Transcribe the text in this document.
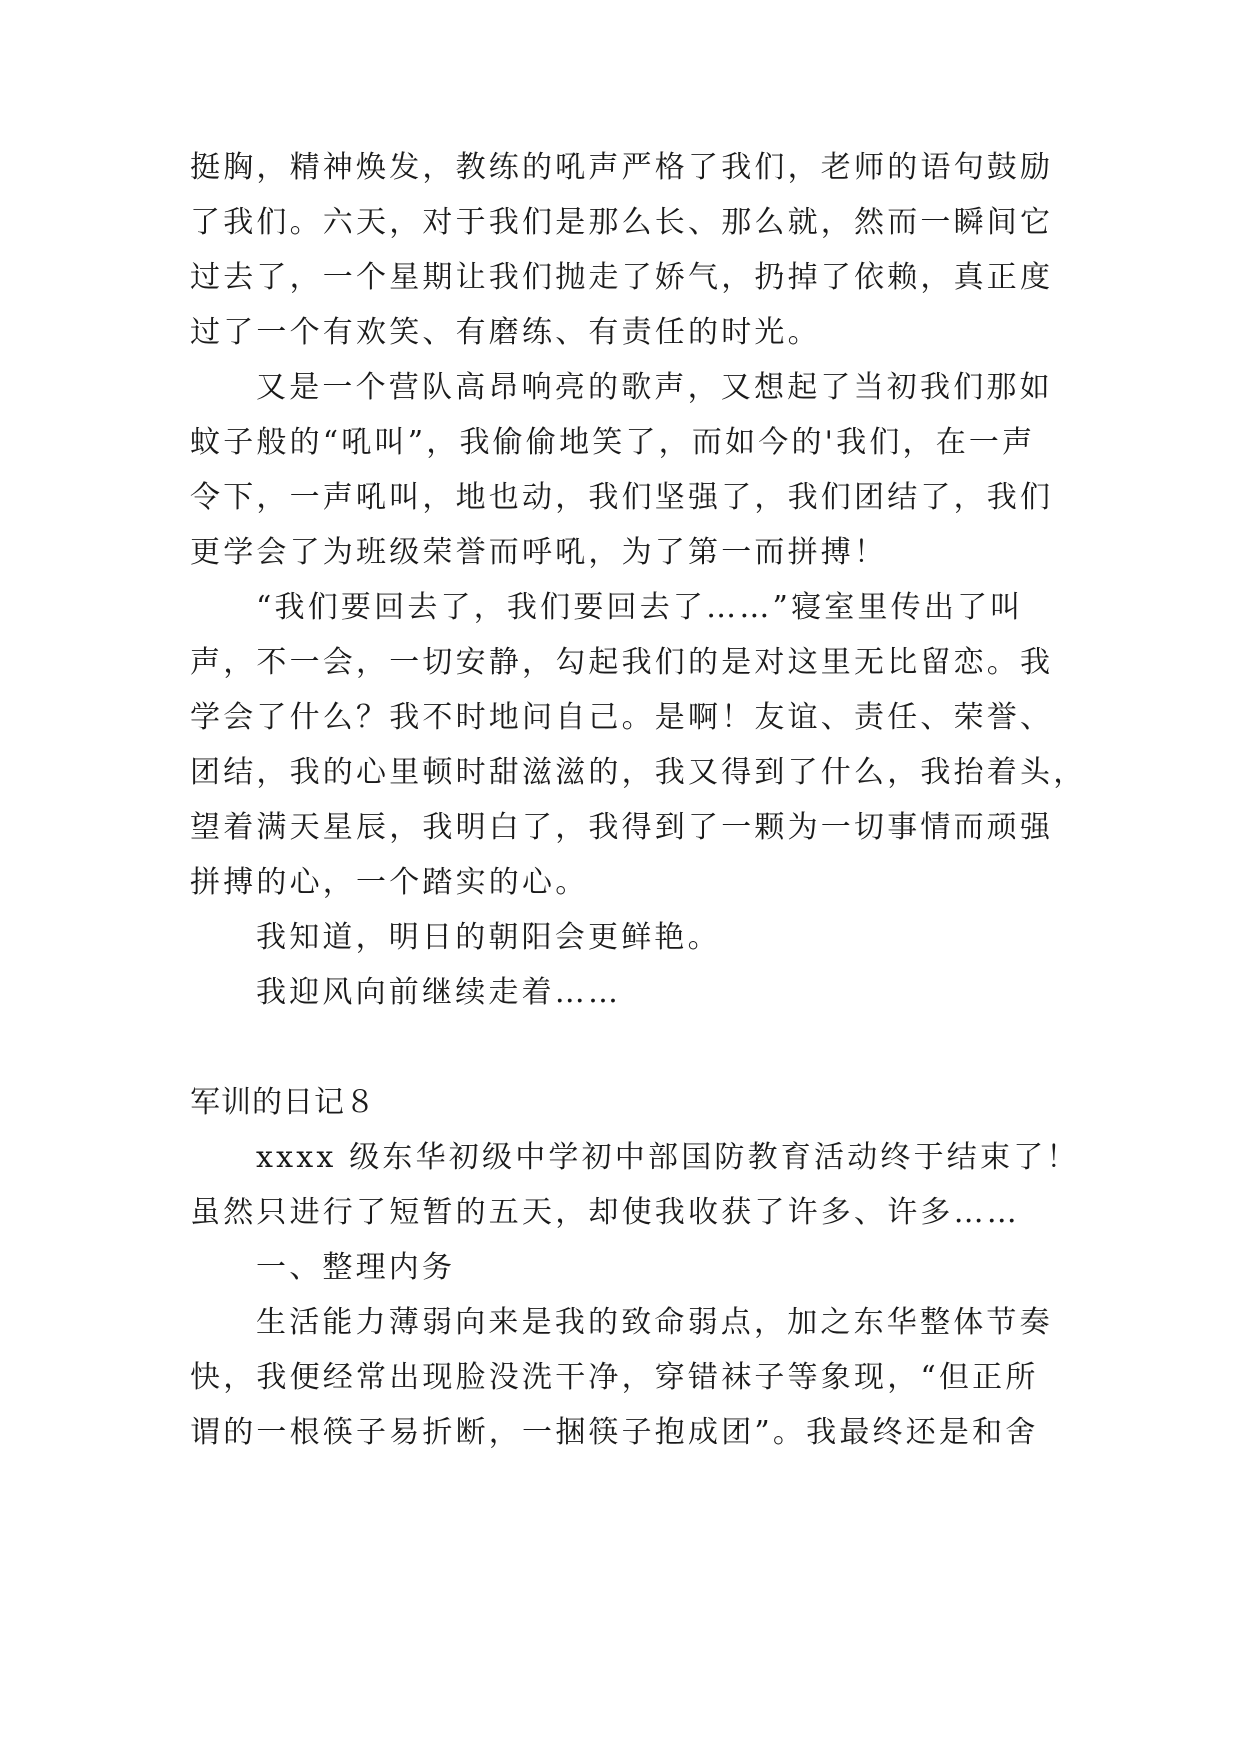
挺胸，精神焕发，教练的吼声严格了我们，老师的语句鼓励
了我们。六天，对于我们是那么长、那么就，然而一瞬间它
过去了，一个星期让我们抛走了娇气，扔掉了依赖，真正度
过了一个有欢笑、有磨练、有责任的时光。
又是一个营队高昂响亮的歌声，又想起了当初我们那如
蚊子般的“吼叫”，我偷偷地笑了，而如今的'我们，在一声
令下，一声吼叫，地也动，我们坚强了，我们团结了，我们
更学会了为班级荣誉而呼吼，为了第一而拼搏！
“我们要回去了，我们要回去了……”寝室里传出了叫
声，不一会，一切安静，勾起我们的是对这里无比留恋。我
学会了什么？我不时地问自己。是啊！友谊、责任、荣誉、
团结，我的心里顿时甜滋滋的，我又得到了什么，我抬着头，
望着满天星辰，我明白了，我得到了一颗为一切事情而顽强
拼搏的心，一个踏实的心。
我知道，明日的朝阳会更鲜艳。
我迎风向前继续走着……
军训的日记８
xxxx 级东华初级中学初中部国防教育活动终于结束了！
虽然只进行了短暂的五天，却使我收获了许多、许多……
一、整理内务
生活能力薄弱向来是我的致命弱点，加之东华整体节奏
快，我便经常出现脸没洗干净，穿错袜子等象现，“但正所
谓的一根筷子易折断，一捆筷子抱成团”。我最终还是和舍
